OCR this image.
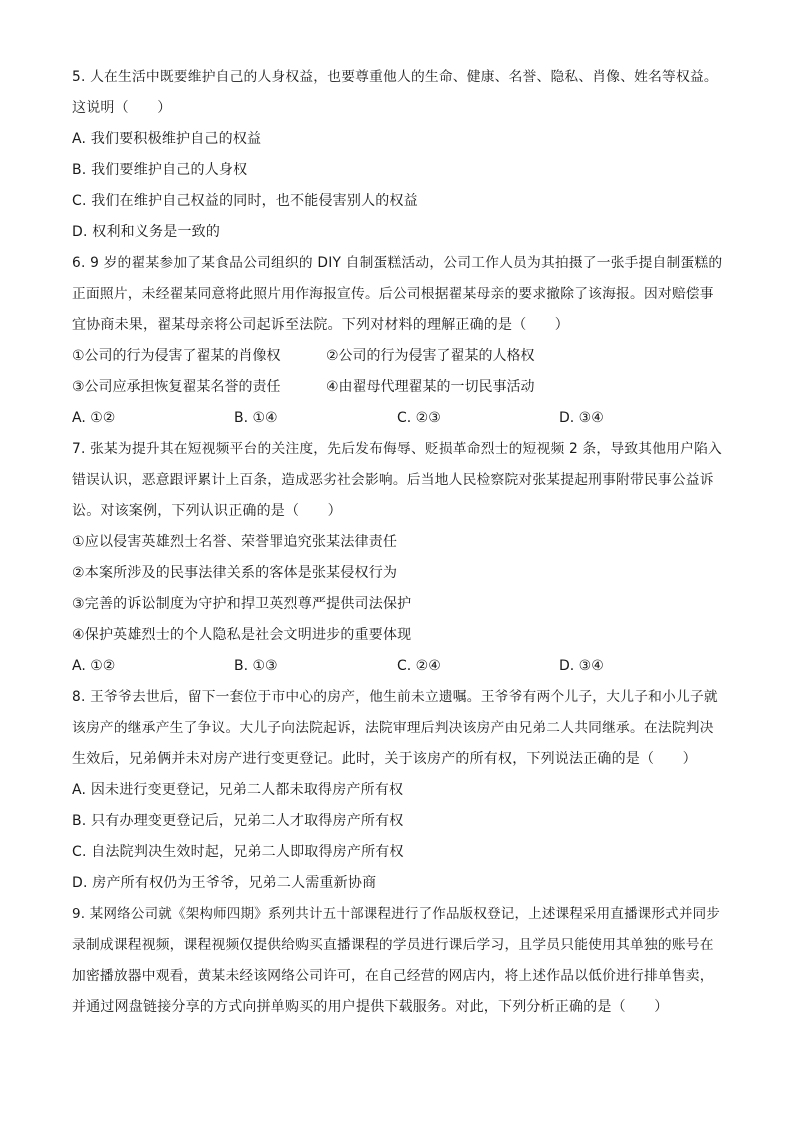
5. 人在生活中既要维护自己的人身权益，也要尊重他人的生命、健康、名誉、隐私、肖像、姓名等权益。
这说明（　　）
A. 我们要积极维护自己的权益
B. 我们要维护自己的人身权
C. 我们在维护自己权益的同时，也不能侵害别人的权益
D. 权利和义务是一致的
6. 9 岁的翟某参加了某食品公司组织的 DIY 自制蛋糕活动，公司工作人员为其拍摄了一张手提自制蛋糕的
正面照片，未经翟某同意将此照片用作海报宣传。后公司根据翟某母亲的要求撤除了该海报。因对赔偿事
宜协商未果，翟某母亲将公司起诉至法院。下列对材料的理解正确的是（　　）
①公司的行为侵害了翟某的肖像权	②公司的行为侵害了翟某的人格权
③公司应承担恢复翟某名誉的责任	④由翟母代理翟某的一切民事活动
A. ①②	B. ①④	C. ②③	D. ③④
7. 张某为提升其在短视频平台的关注度，先后发布侮辱、贬损革命烈士的短视频 2 条，导致其他用户陷入
错误认识，恶意跟评累计上百条，造成恶劣社会影响。后当地人民检察院对张某提起刑事附带民事公益诉
讼。对该案例，下列认识正确的是（　　）
①应以侵害英雄烈士名誉、荣誉罪追究张某法律责任
②本案所涉及的民事法律关系的客体是张某侵权行为
③完善的诉讼制度为守护和捍卫英烈尊严提供司法保护
④保护英雄烈士的个人隐私是社会文明进步的重要体现
A. ①②	B. ①③	C. ②④	D. ③④
8. 王爷爷去世后，留下一套位于市中心的房产，他生前未立遗嘱。王爷爷有两个儿子，大儿子和小儿子就
该房产的继承产生了争议。大儿子向法院起诉，法院审理后判决该房产由兄弟二人共同继承。在法院判决
生效后，兄弟俩并未对房产进行变更登记。此时，关于该房产的所有权，下列说法正确的是（　　）
A. 因未进行变更登记，兄弟二人都未取得房产所有权
B. 只有办理变更登记后，兄弟二人才取得房产所有权
C. 自法院判决生效时起，兄弟二人即取得房产所有权
D. 房产所有权仍为王爷爷，兄弟二人需重新协商
9. 某网络公司就《架构师四期》系列共计五十部课程进行了作品版权登记，上述课程采用直播课形式并同步
录制成课程视频，课程视频仅提供给购买直播课程的学员进行课后学习，且学员只能使用其单独的账号在
加密播放器中观看，黄某未经该网络公司许可，在自己经营的网店内，将上述作品以低价进行排单售卖，
并通过网盘链接分享的方式向拼单购买的用户提供下载服务。对此，下列分析正确的是（　　）
